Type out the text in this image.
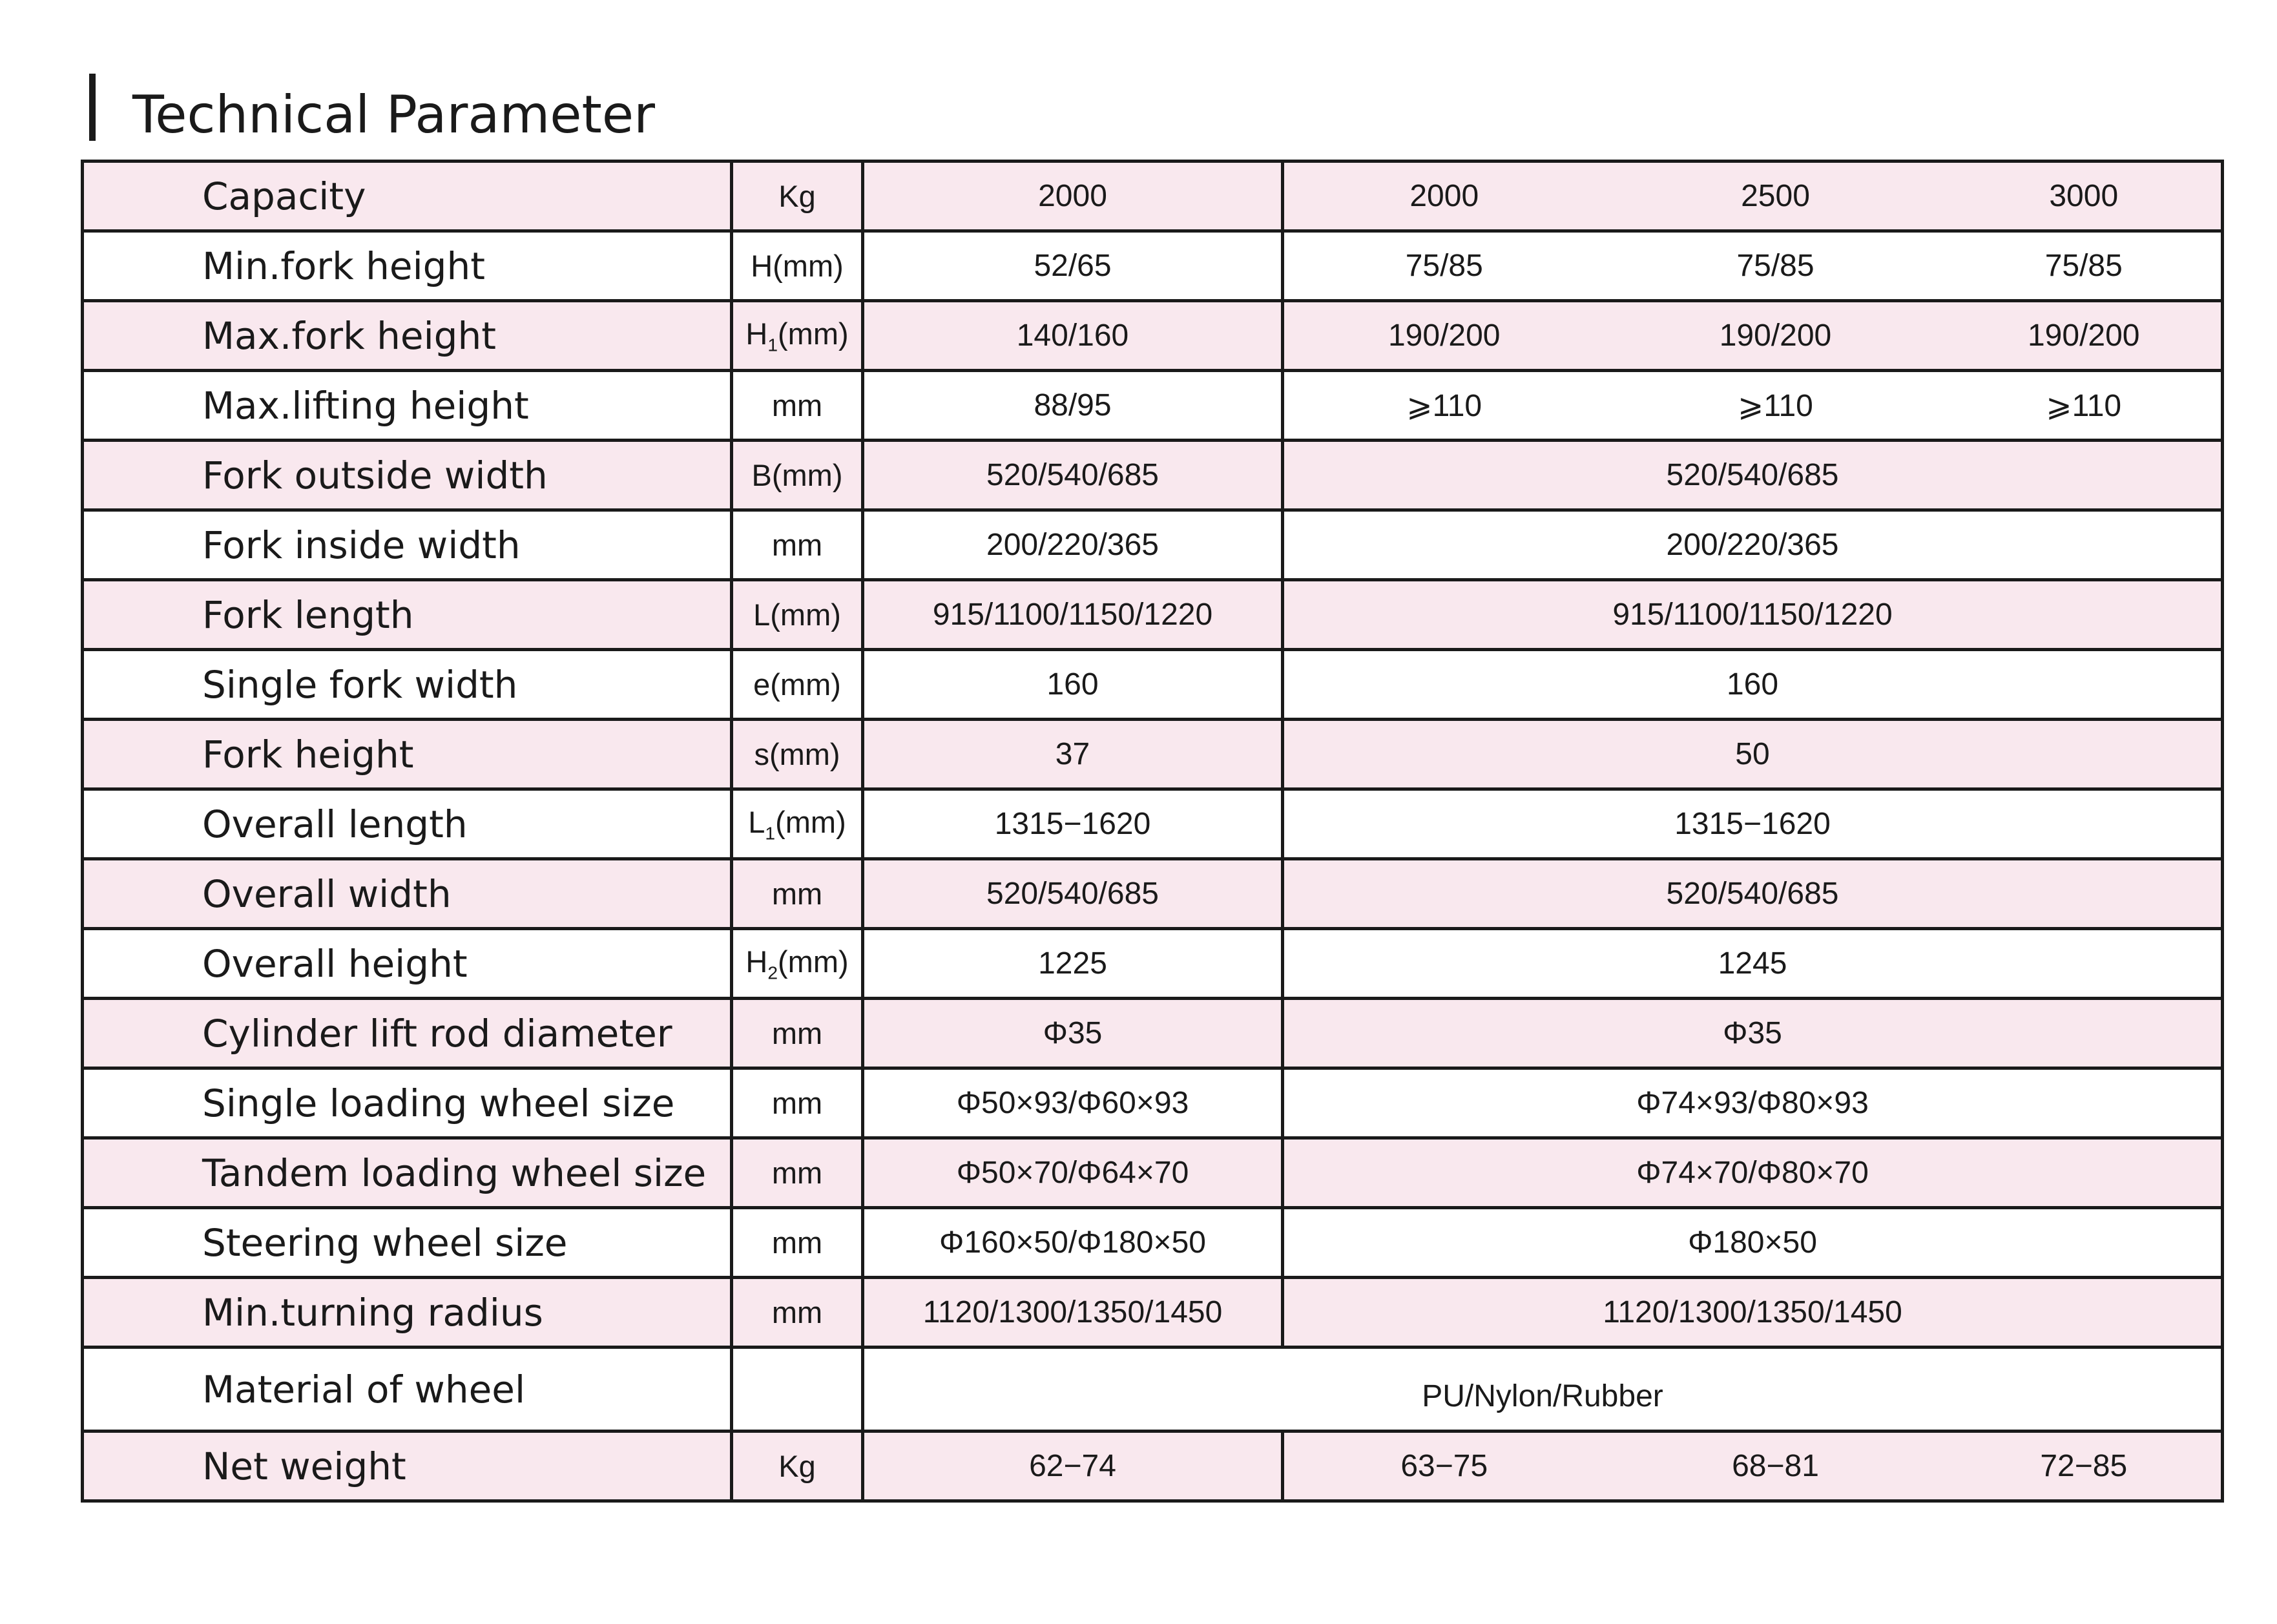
Technical Parameter
Capacity	Kg	2000	2000	2500	3000
Min.fork height	H(mm)	52/65	75/85	75/85	75/85
Max.fork height	$H_1(mm)$	140/160	190/200	190/200	190/200
Max.lifting height	mm	88/95	⩾110	⩾110	⩾110
Fork outside width	B(mm)	520/540/685	520/540/685		
Fork inside width	mm	200/220/365	200/220/365		
Fork length	L(mm)	915/1100/1150/1220	915/1100/1150/1220		
Single fork width	e(mm)	160	160		
Fork height	s(mm)	37	50		
Overall length	$L_1(mm)$	1315−1620	1315−1620		
Overall width	mm	520/540/685	520/540/685		
Overall height	$H_2(mm)$	1225	1245		
Cylinder lift rod diameter	mm	Φ35	Φ35		
Single loading wheel size	mm	Φ50×93/Φ60×93	Φ74×93/Φ80×93		
Tandem loading wheel size	mm	Φ50×70/Φ64×70	Φ74×70/Φ80×70		
Steering wheel size	mm	Φ160×50/Φ180×50	Φ180×50		
Min.turning radius	mm	1120/1300/1350/1450	1120/1300/1350/1450		
Material of wheel		PU/Nylon/Rubber			
Net weight	Kg	62−74	63−75	68−81	72−85
